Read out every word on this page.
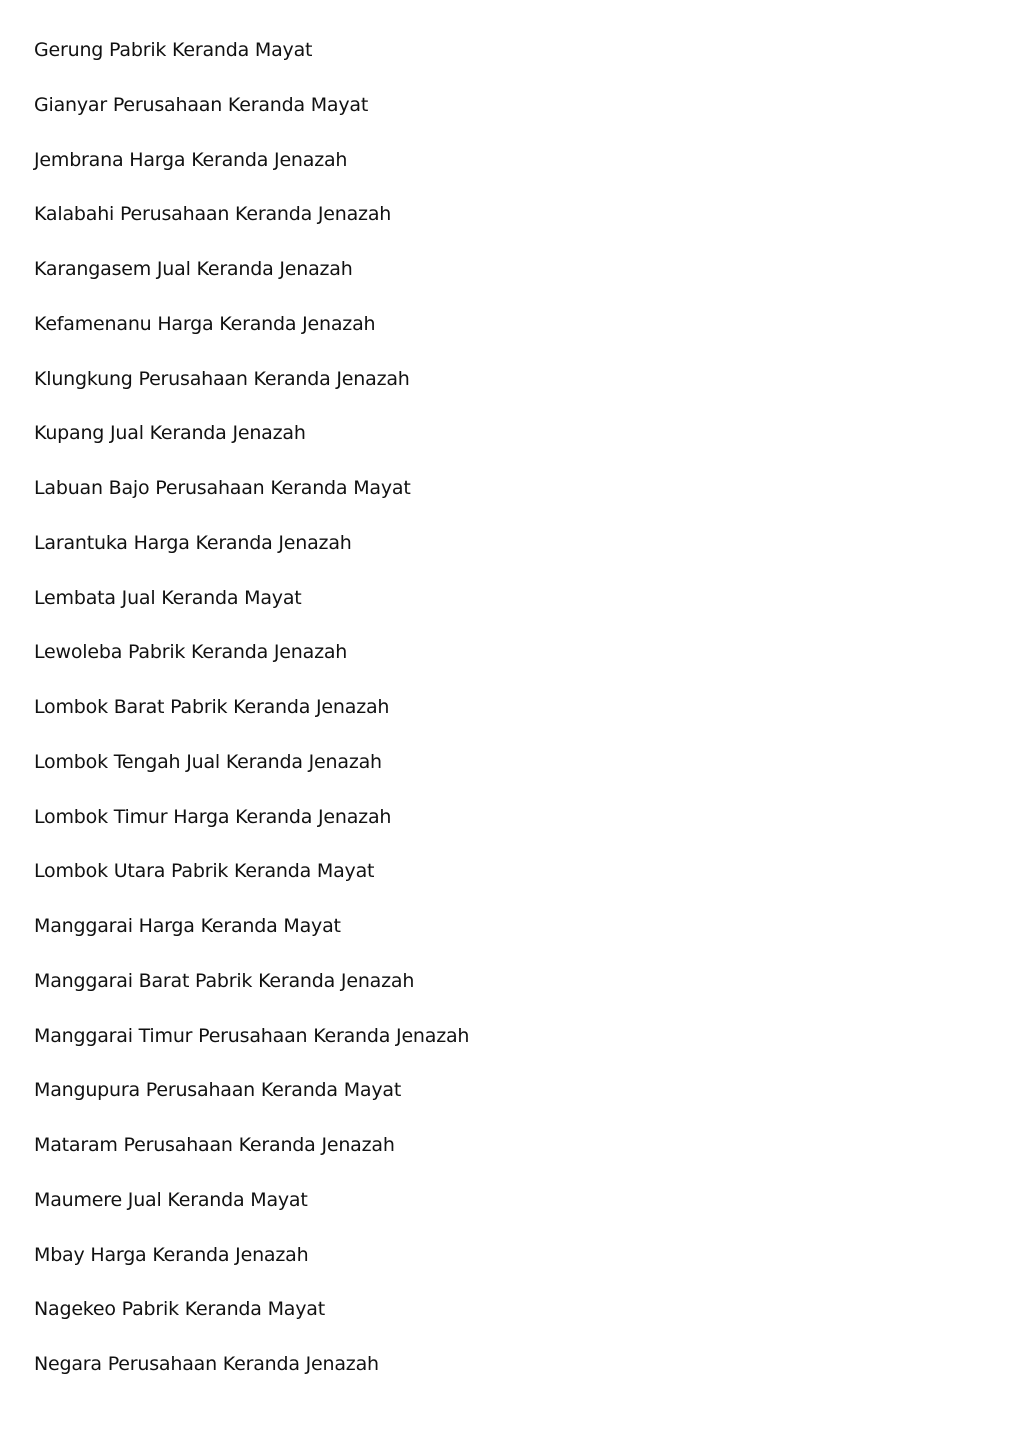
Gerung Pabrik Keranda Mayat
Gianyar Perusahaan Keranda Mayat
Jembrana Harga Keranda Jenazah
Kalabahi Perusahaan Keranda Jenazah
Karangasem Jual Keranda Jenazah
Kefamenanu Harga Keranda Jenazah
Klungkung Perusahaan Keranda Jenazah
Kupang Jual Keranda Jenazah
Labuan Bajo Perusahaan Keranda Mayat
Larantuka Harga Keranda Jenazah
Lembata Jual Keranda Mayat
Lewoleba Pabrik Keranda Jenazah
Lombok Barat Pabrik Keranda Jenazah
Lombok Tengah Jual Keranda Jenazah
Lombok Timur Harga Keranda Jenazah
Lombok Utara Pabrik Keranda Mayat
Manggarai Harga Keranda Mayat
Manggarai Barat Pabrik Keranda Jenazah
Manggarai Timur Perusahaan Keranda Jenazah
Mangupura Perusahaan Keranda Mayat
Mataram Perusahaan Keranda Jenazah
Maumere Jual Keranda Mayat
Mbay Harga Keranda Jenazah
Nagekeo Pabrik Keranda Mayat
Negara Perusahaan Keranda Jenazah
